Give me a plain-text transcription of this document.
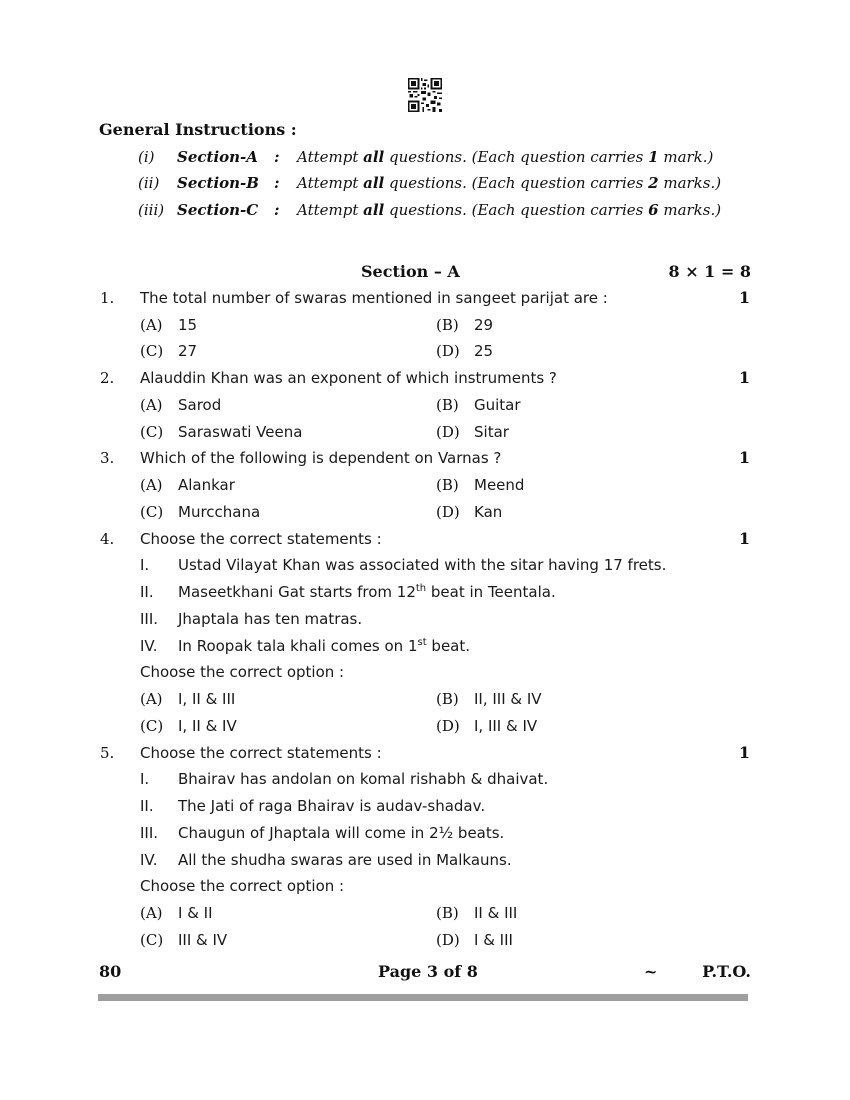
General Instructions :
(i) Section-A : Attempt all questions. (Each question carries 1 mark.)
(ii) Section-B : Attempt all questions. (Each question carries 2 marks.)
(iii) Section-C : Attempt all questions. (Each question carries 6 marks.)
Section – A	8 × 1 = 8
1. The total number of swaras mentioned in sangeet parijat are :	1
(A) 15	(B) 29
(C) 27	(D) 25
2. Alauddin Khan was an exponent of which instruments ?	1
(A) Sarod	(B) Guitar
(C) Saraswati Veena	(D) Sitar
3. Which of the following is dependent on Varnas ?	1
(A) Alankar	(B) Meend
(C) Murcchana	(D) Kan
4. Choose the correct statements :	1
I. Ustad Vilayat Khan was associated with the sitar having 17 frets.
II. Maseetkhani Gat starts from 12th beat in Teentala.
III. Jhaptala has ten matras.
IV. In Roopak tala khali comes on 1st beat.
Choose the correct option :
(A) I, II & III	(B) II, III & IV
(C) I, II & IV	(D) I, III & IV
5. Choose the correct statements :	1
I. Bhairav has andolan on komal rishabh & dhaivat.
II. The Jati of raga Bhairav is audav-shadav.
III. Chaugun of Jhaptala will come in 2½ beats.
IV. All the shudha swaras are used in Malkauns.
Choose the correct option :
(A) I & II	(B) II & III
(C) III & IV	(D) I & III
80	Page 3 of 8	~	P.T.O.
